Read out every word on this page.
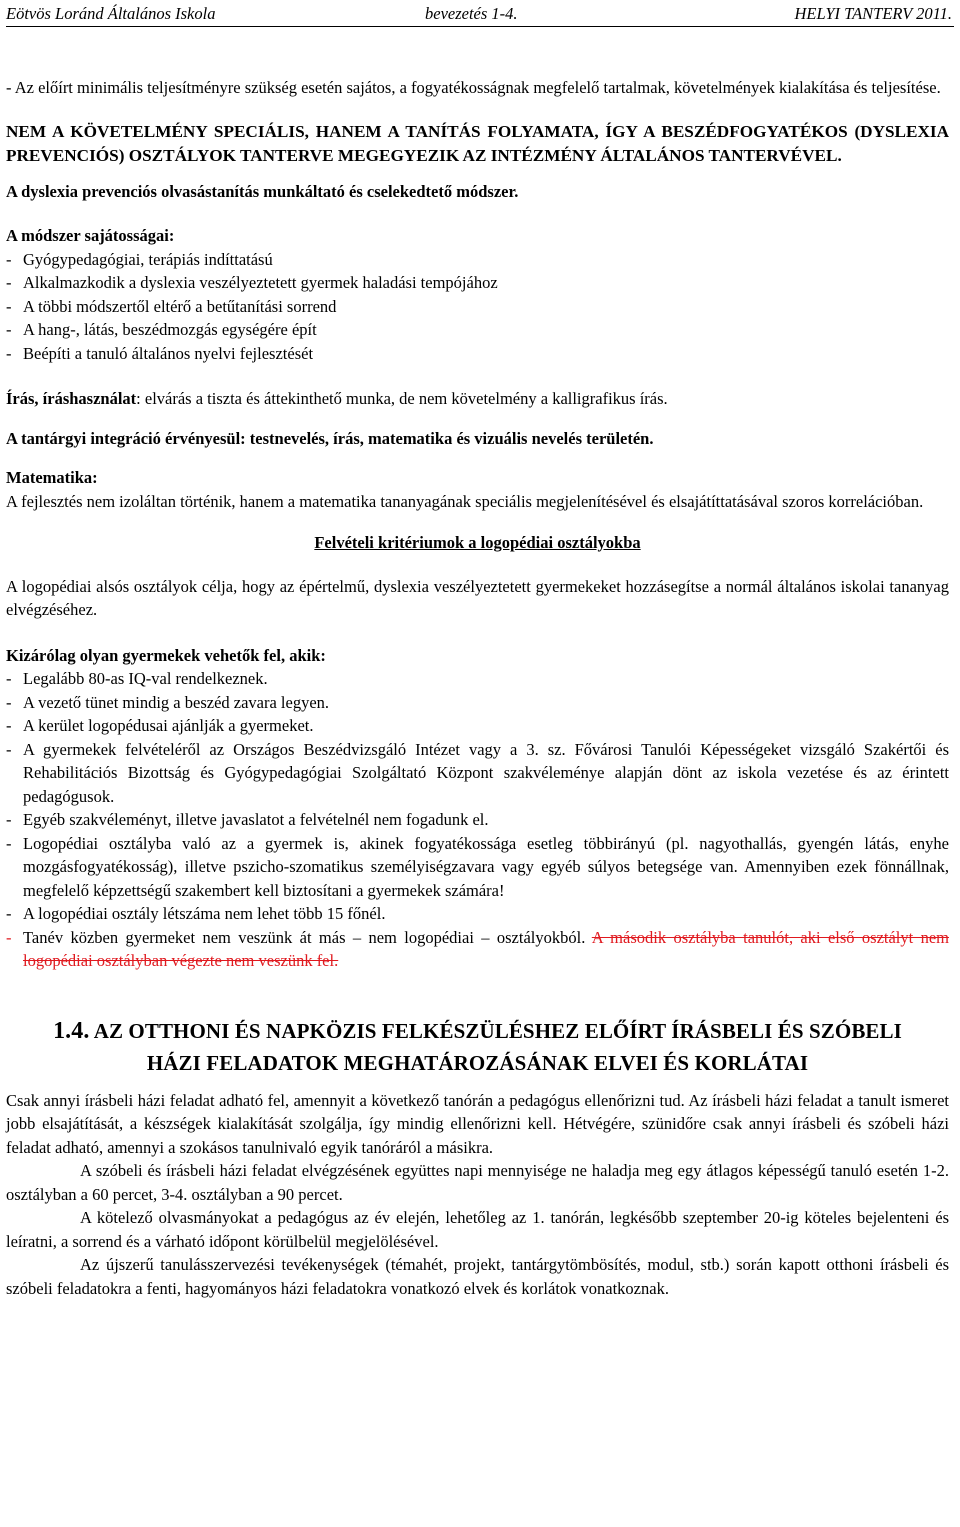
Eötvös Loránd Általános Iskola	bevezetés 1-4.	HELYI TANTERV 2011.

- Az előírt minimális teljesítményre szükség esetén sajátos, a fogyatékosságnak megfelelő tartalmak, követelmények kialakítása és teljesítése.

NEM A KÖVETELMÉNY SPECIÁLIS, HANEM A TANÍTÁS FOLYAMATA, ÍGY A BESZÉDFOGYATÉKOS (DYSLEXIA PREVENCIÓS) OSZTÁLYOK TANTERVE MEGEGYEZIK AZ INTÉZMÉNY ÁLTALÁNOS TANTERVÉVEL.

A dyslexia prevenciós olvasástanítás munkáltató és cselekedtető módszer.

A módszer sajátosságai:

- Gyógypedagógiai, terápiás indíttatású
- Alkalmazkodik a dyslexia veszélyeztetett gyermek haladási tempójához
- A többi módszertől eltérő a betűtanítási sorrend
- A hang-, látás, beszédmozgás egységére épít
- Beépíti a tanuló általános nyelvi fejlesztését

Írás, íráshasználat: elvárás a tiszta és áttekinthető munka, de nem követelmény a kalligrafikus írás.

A tantárgyi integráció érvényesül: testnevelés, írás, matematika és vizuális nevelés területén.

Matematika:

A fejlesztés nem izoláltan történik, hanem a matematika tananyagának speciális megjelenítésével és elsajátíttatásával szoros korrelációban.

Felvételi kritériumok a logopédiai osztályokba

A logopédiai alsós osztályok célja, hogy az épértelmű, dyslexia veszélyeztetett gyermekeket hozzásegítse a normál általános iskolai tananyag elvégzéséhez.

Kizárólag olyan gyermekek vehetők fel, akik:

- Legalább 80-as IQ-val rendelkeznek.
- A vezető tünet mindig a beszéd zavara legyen.
- A kerület logopédusai ajánlják a gyermeket.
- A gyermekek felvételéről az Országos Beszédvizsgáló Intézet vagy a 3. sz. Fővárosi Tanulói Képességeket vizsgáló Szakértői és Rehabilitációs Bizottság és Gyógypedagógiai Szolgáltató Központ szakvéleménye alapján dönt az iskola vezetése és az érintett pedagógusok.
- Egyéb szakvéleményt, illetve javaslatot a felvételnél nem fogadunk el.
- Logopédiai osztályba való az a gyermek is, akinek fogyatékossága esetleg többirányú (pl. nagyothallás, gyengén látás, enyhe mozgásfogyatékosság), illetve pszicho-szomatikus személyiségzavara vagy egyéb súlyos betegsége van. Amennyiben ezek fönnállnak, megfelelő képzettségű szakembert kell biztosítani a gyermekek számára!
- A logopédiai osztály létszáma nem lehet több 15 főnél.
- Tanév közben gyermeket nem veszünk át más – nem logopédiai – osztályokból. A második osztályba tanulót, aki első osztályt nem logopédiai osztályban végezte nem veszünk fel.

1.4. AZ OTTHONI ÉS NAPKÖZIS FELKÉSZÜLÉSHEZ ELŐÍRT ÍRÁSBELI ÉS SZÓBELI

HÁZI FELADATOK MEGHATÁROZÁSÁNAK ELVEI ÉS KORLÁTAI

Csak annyi írásbeli házi feladat adható fel, amennyit a következő tanórán a pedagógus ellenőrizni tud. Az írásbeli házi feladat a tanult ismeret jobb elsajátítását, a készségek kialakítását szolgálja, így mindig ellenőrizni kell. Hétvégére, szünidőre csak annyi írásbeli és szóbeli házi feladat adható, amennyi a szokásos tanulnivaló egyik tanóráról a másikra.

A szóbeli és írásbeli házi feladat elvégzésének együttes napi mennyisége ne haladja meg egy átlagos képességű tanuló esetén 1-2. osztályban a 60 percet, 3-4. osztályban a 90 percet.

A kötelező olvasmányokat a pedagógus az év elején, lehetőleg az 1. tanórán, legkésőbb szeptember 20-ig köteles bejelenteni és leíratni, a sorrend és a várható időpont körülbelül megjelölésével.

Az újszerű tanulásszervezési tevékenységek (témahét, projekt, tantárgytömbösítés, modul, stb.) során kapott otthoni írásbeli és szóbeli feladatokra a fenti, hagyományos házi feladatokra vonatkozó elvek és korlátok vonatkoznak.
